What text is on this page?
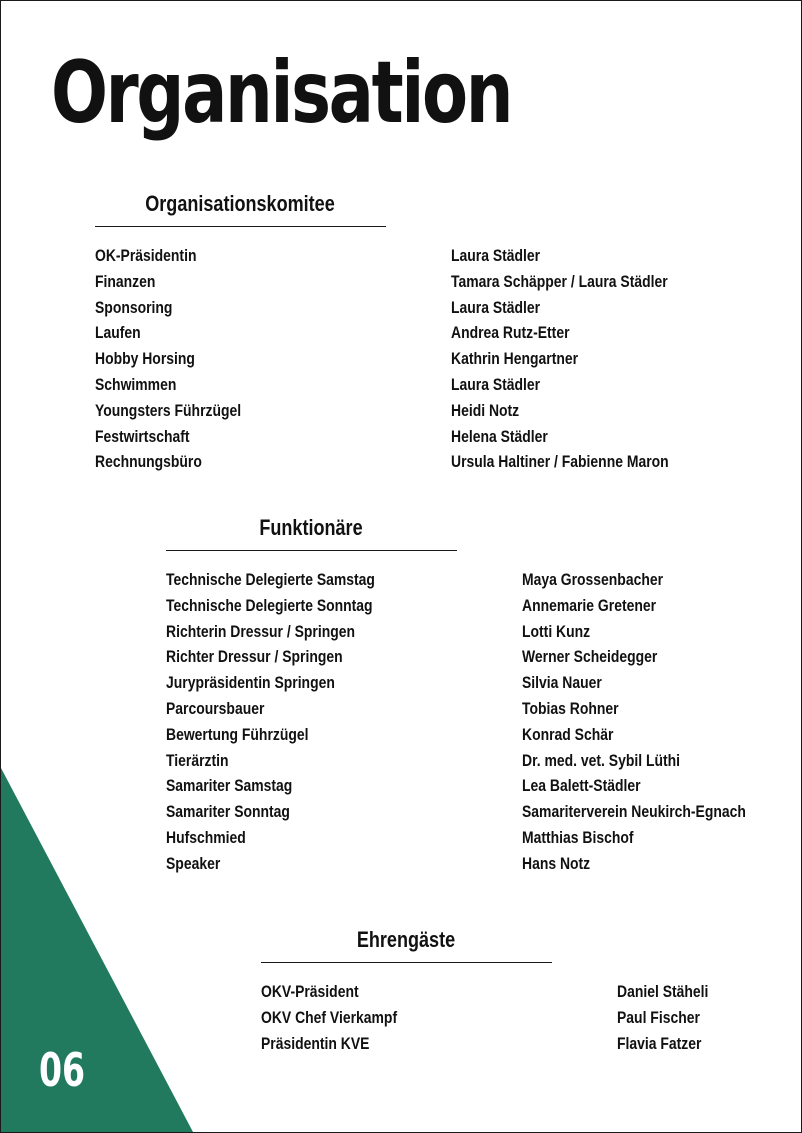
Organisation
Organisationskomitee
OK-Präsidentin	Laura Städler
Finanzen	Tamara Schäpper / Laura Städler
Sponsoring	Laura Städler
Laufen	Andrea Rutz-Etter
Hobby Horsing	Kathrin Hengartner
Schwimmen	Laura Städler
Youngsters Führzügel	Heidi Notz
Festwirtschaft	Helena Städler
Rechnungsbüro	Ursula Haltiner / Fabienne Maron
Funktionäre
Technische Delegierte Samstag	Maya Grossenbacher
Technische Delegierte Sonntag	Annemarie Gretener
Richterin Dressur / Springen	Lotti Kunz
Richter Dressur / Springen	Werner Scheidegger
Jurypräsidentin Springen	Silvia Nauer
Parcoursbauer	Tobias Rohner
Bewertung Führzügel	Konrad Schär
Tierärztin	Dr. med. vet. Sybil Lüthi
Samariter Samstag	Lea Balett-Städler
Samariter Sonntag	Samariterverein Neukirch-Egnach
Hufschmied	Matthias Bischof
Speaker	Hans Notz
Ehrengäste
OKV-Präsident	Daniel Stäheli
OKV Chef Vierkampf	Paul Fischer
Präsidentin KVE	Flavia Fatzer
06
